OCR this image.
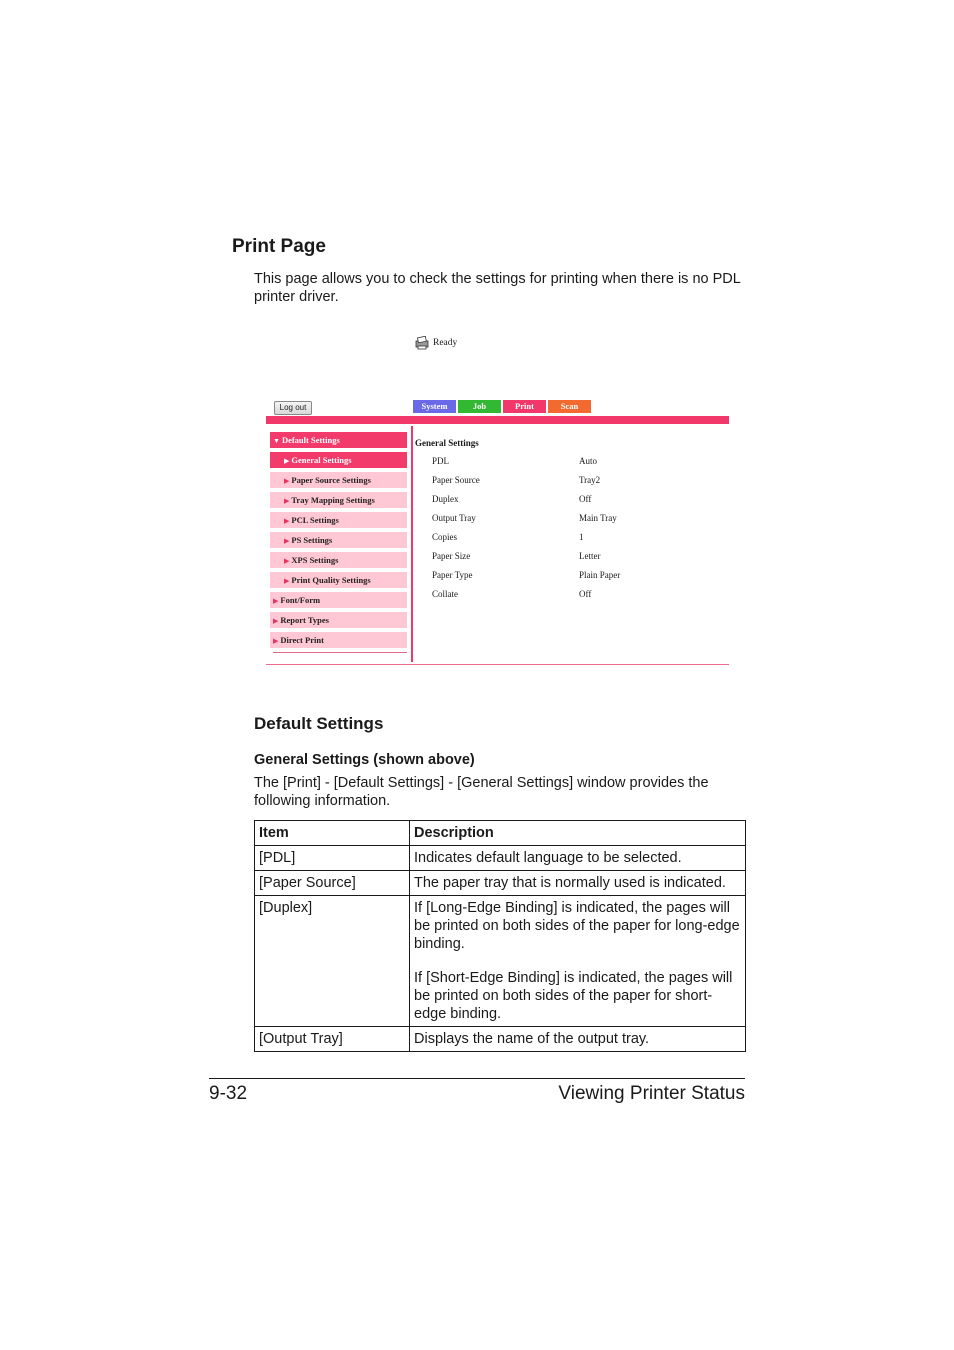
Print Page
This page allows you to check the settings for printing when there is no PDL printer driver.
Ready
Log out	System	Job	Print	Scan
▼ Default Settings
▶ General Settings
▶ Paper Source Settings
▶ Tray Mapping Settings
▶ PCL Settings
▶ PS Settings
▶ XPS Settings
▶ Print Quality Settings
▶ Font/Form
▶ Report Types
▶ Direct Print
General Settings
PDL	Auto
Paper Source	Tray2
Duplex	Off
Output Tray	Main Tray
Copies	1
Paper Size	Letter
Paper Type	Plain Paper
Collate	Off
Default Settings
General Settings (shown above)
The [Print] - [Default Settings] - [General Settings] window provides the following information.
Item	Description
[PDL]	Indicates default language to be selected.

[Paper Source]	The paper tray that is normally used is indicated.

[Duplex]	If [Long-Edge Binding] is indicated, the pages will be printed on both sides of the paper for long-edge binding.

If [Short-Edge Binding] is indicated, the pages will be printed on both sides of the paper for short-edge binding.

[Output Tray]	Displays the name of the output tray.

9-32	Viewing Printer Status
